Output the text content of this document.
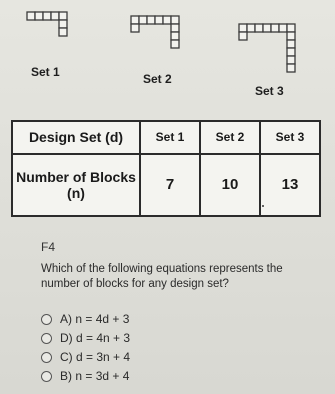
Set 1	Set 2
Set 3
Design Set (d)	Set 1	Set 2	Set 3
Number of Blocks (n)	7	10	13
F4
Which of the following equations represents the number of blocks for any design set?
A)
n = 4d + 3
D)
d = 4n + 3
C)
d = 3n + 4
B)
n = 3d + 4
